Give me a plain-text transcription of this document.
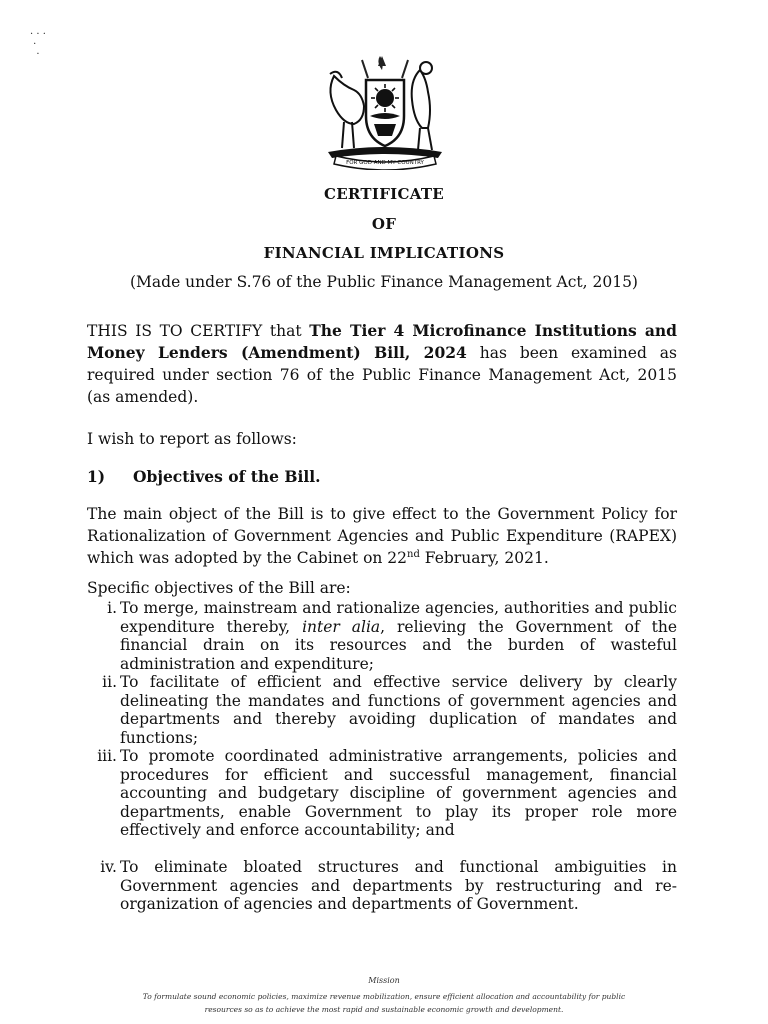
· · ·
·
·
FOR GOD AND MY COUNTRY
CERTIFICATE
OF
FINANCIAL IMPLICATIONS
(Made under S.76 of the Public Finance Management Act, 2015)

THIS IS TO CERTIFY that The Tier 4 Microfinance Institutions and Money Lenders (Amendment) Bill, 2024 has been examined as required under section 76 of the Public Finance Management Act, 2015 (as amended).

I wish to report as follows:

1) Objectives of the Bill.

The main object of the Bill is to give effect to the Government Policy for Rationalization of Government Agencies and Public Expenditure (RAPEX) which was adopted by the Cabinet on 22nd February, 2021.

Specific objectives of the Bill are:

i. To merge, mainstream and rationalize agencies, authorities and public expenditure thereby, inter alia, relieving the Government of the financial drain on its resources and the burden of wasteful administration and expenditure;
ii. To facilitate of efficient and effective service delivery by clearly delineating the mandates and functions of government agencies and departments and thereby avoiding duplication of mandates and functions;
iii. To promote coordinated administrative arrangements, policies and procedures for efficient and successful management, financial accounting and budgetary discipline of government agencies and departments, enable Government to play its proper role more effectively and enforce accountability; and
iv. To eliminate bloated structures and functional ambiguities in Government agencies and departments by restructuring and re-organization of agencies and departments of Government.
Mission
To formulate sound economic policies, maximize revenue mobilization, ensure efficient allocation and accountability for public
resources so as to achieve the most rapid and sustainable economic growth and development.
